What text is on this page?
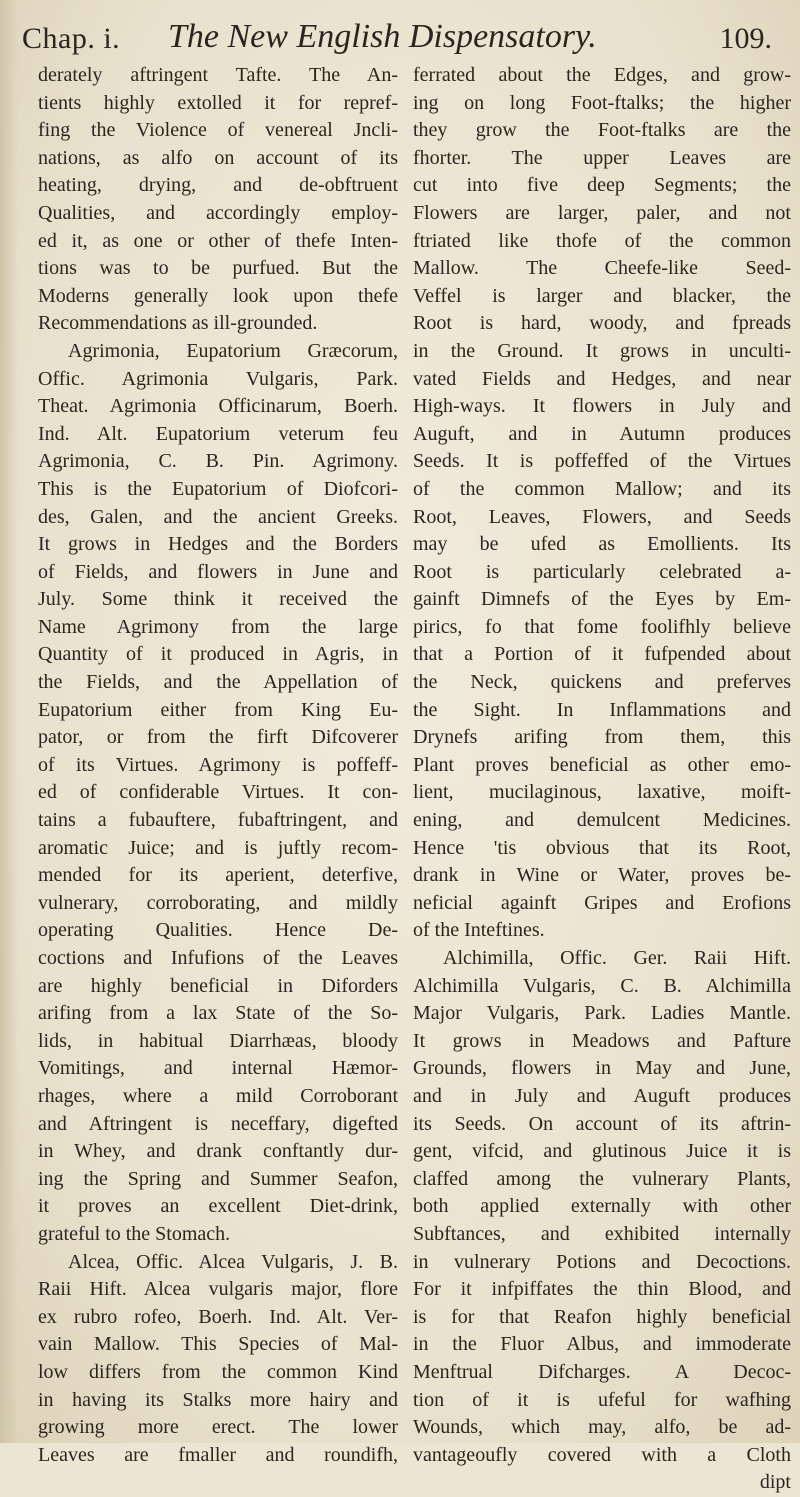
Chap. i. The New English Dispensatory.	109.
derately aftringent Tafte. The An-
tients highly extolled it for repref-
fing the Violence of venereal Jncli-
nations, as alfo on account of its
heating, drying, and de-obftruent
Qualities, and accordingly employ-
ed it, as one or other of thefe Inten-
tions was to be purfued. But the
Moderns generally look upon thefe
Recommendations as ill-grounded.
Agrimonia, Eupatorium Græcorum,
Offic. Agrimonia Vulgaris, Park.
Theat. Agrimonia Officinarum, Boerh.
Ind. Alt. Eupatorium veterum feu
Agrimonia, C. B. Pin. Agrimony.
This is the Eupatorium of Diofcori-
des, Galen, and the ancient Greeks.
It grows in Hedges and the Borders
of Fields, and flowers in June and
July. Some think it received the
Name Agrimony from the large
Quantity of it produced in Agris, in
the Fields, and the Appellation of
Eupatorium either from King Eu-
pator, or from the firft Difcoverer
of its Virtues. Agrimony is poffeff-
ed of confiderable Virtues. It con-
tains a fubauftere, fubaftringent, and
aromatic Juice; and is juftly recom-
mended for its aperient, deterfive,
vulnerary, corroborating, and mildly
operating Qualities. Hence De-
coctions and Infufions of the Leaves
are highly beneficial in Diforders
arifing from a lax State of the So-
lids, in habitual Diarrhæas, bloody
Vomitings, and internal Hæmor-
rhages, where a mild Corroborant
and Aftringent is neceffary, digefted
in Whey, and drank conftantly dur-
ing the Spring and Summer Seafon,
it proves an excellent Diet-drink,
grateful to the Stomach.
Alcea, Offic. Alcea Vulgaris, J. B.
Raii Hift. Alcea vulgaris major, flore
ex rubro rofeo, Boerh. Ind. Alt. Ver-
vain Mallow. This Species of Mal-
low differs from the common Kind
in having its Stalks more hairy and
growing more erect. The lower
Leaves are fmaller and roundifh,
ferrated about the Edges, and grow-
ing on long Foot-ftalks; the higher
they grow the Foot-ftalks are the
fhorter. The upper Leaves are
cut into five deep Segments; the
Flowers are larger, paler, and not
ftriated like thofe of the common
Mallow. The Cheefe-like Seed-
Veffel is larger and blacker, the
Root is hard, woody, and fpreads
in the Ground. It grows in unculti-
vated Fields and Hedges, and near
High-ways. It flowers in July and
Auguft, and in Autumn produces
Seeds. It is poffeffed of the Virtues
of the common Mallow; and its
Root, Leaves, Flowers, and Seeds
may be ufed as Emollients. Its
Root is particularly celebrated a-
gainft Dimnefs of the Eyes by Em-
pirics, fo that fome foolifhly believe
that a Portion of it fufpended about
the Neck, quickens and preferves
the Sight. In Inflammations and
Drynefs arifing from them, this
Plant proves beneficial as other emo-
lient, mucilaginous, laxative, moift-
ening, and demulcent Medicines.
Hence 'tis obvious that its Root,
drank in Wine or Water, proves be-
neficial againft Gripes and Erofions
of the Inteftines.
Alchimilla, Offic. Ger. Raii Hift.
Alchimilla Vulgaris, C. B. Alchimilla
Major Vulgaris, Park. Ladies Mantle.
It grows in Meadows and Pafture
Grounds, flowers in May and June,
and in July and Auguft produces
its Seeds. On account of its aftrin-
gent, vifcid, and glutinous Juice it is
claffed among the vulnerary Plants,
both applied externally with other
Subftances, and exhibited internally
in vulnerary Potions and Decoctions.
For it infpiffates the thin Blood, and
is for that Reafon highly beneficial
in the Fluor Albus, and immoderate
Menftrual Difcharges. A Decoc-
tion of it is ufeful for wafhing
Wounds, which may, alfo, be ad-
vantageoufly covered with a Cloth
dipt
